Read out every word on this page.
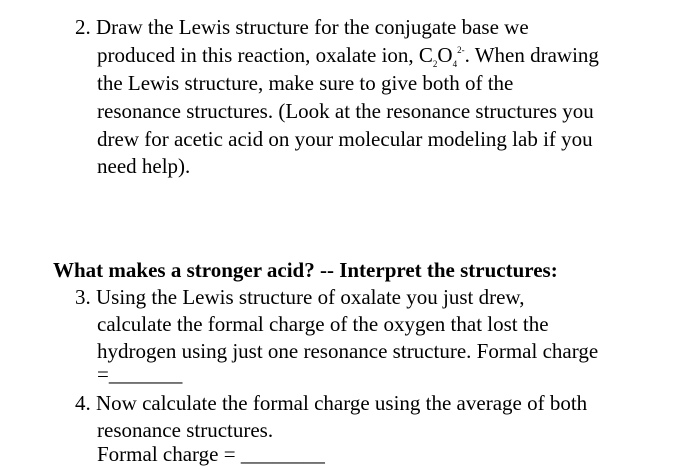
2. Draw the Lewis structure for the conjugate base we
produced in this reaction, oxalate ion, $C_2O_4^{2-}$. When drawing
the Lewis structure, make sure to give both of the
resonance structures. (Look at the resonance structures you
drew for acetic acid on your molecular modeling lab if you
need help).
What makes a stronger acid? -- Interpret the structures:
3. Using the Lewis structure of oxalate you just drew,
calculate the formal charge of the oxygen that lost the
hydrogen using just one resonance structure. Formal charge
=_______
4. Now calculate the formal charge using the average of both
resonance structures.
Formal charge = ________
